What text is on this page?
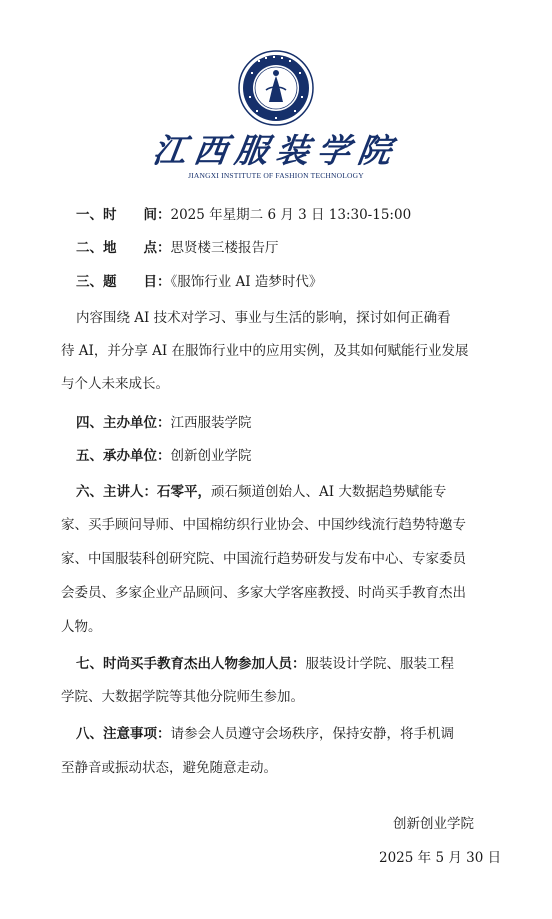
江西服装学院
JIANGXI INSTITUTE OF FASHION TECHNOLOGY
一、时　　间：2025 年星期二 6 月 3 日 13:30-15:00
二、地　　点：思贤楼三楼报告厅
三、题　　目：《服饰行业 AI 造梦时代》
内容围绕 AI 技术对学习、事业与生活的影响，探讨如何正确看
待 AI，并分享 AI 在服饰行业中的应用实例，及其如何赋能行业发展
与个人未来成长。
四、主办单位：江西服装学院
五、承办单位：创新创业学院
六、主讲人：石零平，顽石频道创始人、AI 大数据趋势赋能专
家、买手顾问导师、中国棉纺织行业协会、中国纱线流行趋势特邀专
家、中国服装科创研究院、中国流行趋势研发与发布中心、专家委员
会委员、多家企业产品顾问、多家大学客座教授、时尚买手教育杰出
人物。
七、时尚买手教育杰出人物参加人员：服装设计学院、服装工程
学院、大数据学院等其他分院师生参加。
八、注意事项：请参会人员遵守会场秩序，保持安静，将手机调
至静音或振动状态，避免随意走动。
创新创业学院
2025 年 5 月 30 日
